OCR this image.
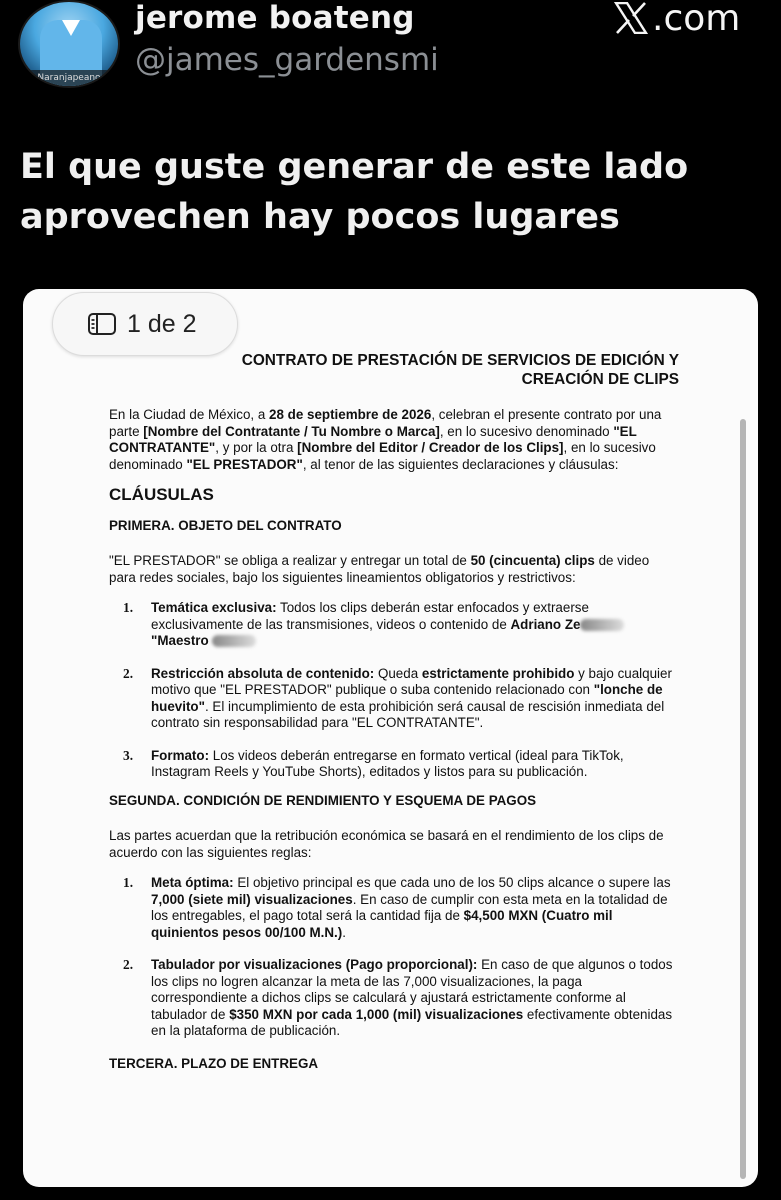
Naranjapeano
jerome boateng
@james_gardensmi
.com
El que guste generar de este lado aprovechen hay pocos lugares
1 de 2
CONTRATO DE PRESTACIÓN DE SERVICIOS DE EDICIÓN Y
CREACIÓN DE CLIPS
En la Ciudad de México, a 28 de septiembre de 2026, celebran el presente contrato por una parte [Nombre del Contratante / Tu Nombre o Marca], en lo sucesivo denominado "EL CONTRATANTE", y por la otra [Nombre del Editor / Creador de los Clips], en lo sucesivo denominado "EL PRESTADOR", al tenor de las siguientes declaraciones y cláusulas:
CLÁUSULAS
PRIMERA. OBJETO DEL CONTRATO
"EL PRESTADOR" se obliga a realizar y entregar un total de 50 (cincuenta) clips de video para redes sociales, bajo los siguientes lineamientos obligatorios y restrictivos:
1.	Temática exclusiva: Todos los clips deberán estar enfocados y extraerse exclusivamente de las transmisiones, videos o contenido de Adriano Ze
"Maestro
2.	Restricción absoluta de contenido: Queda estrictamente prohibido y bajo cualquier motivo que "EL PRESTADOR" publique o suba contenido relacionado con "lonche de huevito". El incumplimiento de esta prohibición será causal de rescisión inmediata del contrato sin responsabilidad para "EL CONTRATANTE".
3.	Formato: Los videos deberán entregarse en formato vertical (ideal para TikTok, Instagram Reels y YouTube Shorts), editados y listos para su publicación.
SEGUNDA. CONDICIÓN DE RENDIMIENTO Y ESQUEMA DE PAGOS
Las partes acuerdan que la retribución económica se basará en el rendimiento de los clips de acuerdo con las siguientes reglas:
1.	Meta óptima: El objetivo principal es que cada uno de los 50 clips alcance o supere las 7,000 (siete mil) visualizaciones. En caso de cumplir con esta meta en la totalidad de los entregables, el pago total será la cantidad fija de $4,500 MXN (Cuatro mil quinientos pesos 00/100 M.N.).
2.	Tabulador por visualizaciones (Pago proporcional): En caso de que algunos o todos los clips no logren alcanzar la meta de las 7,000 visualizaciones, la paga correspondiente a dichos clips se calculará y ajustará estrictamente conforme al tabulador de $350 MXN por cada 1,000 (mil) visualizaciones efectivamente obtenidas en la plataforma de publicación.
TERCERA. PLAZO DE ENTREGA
